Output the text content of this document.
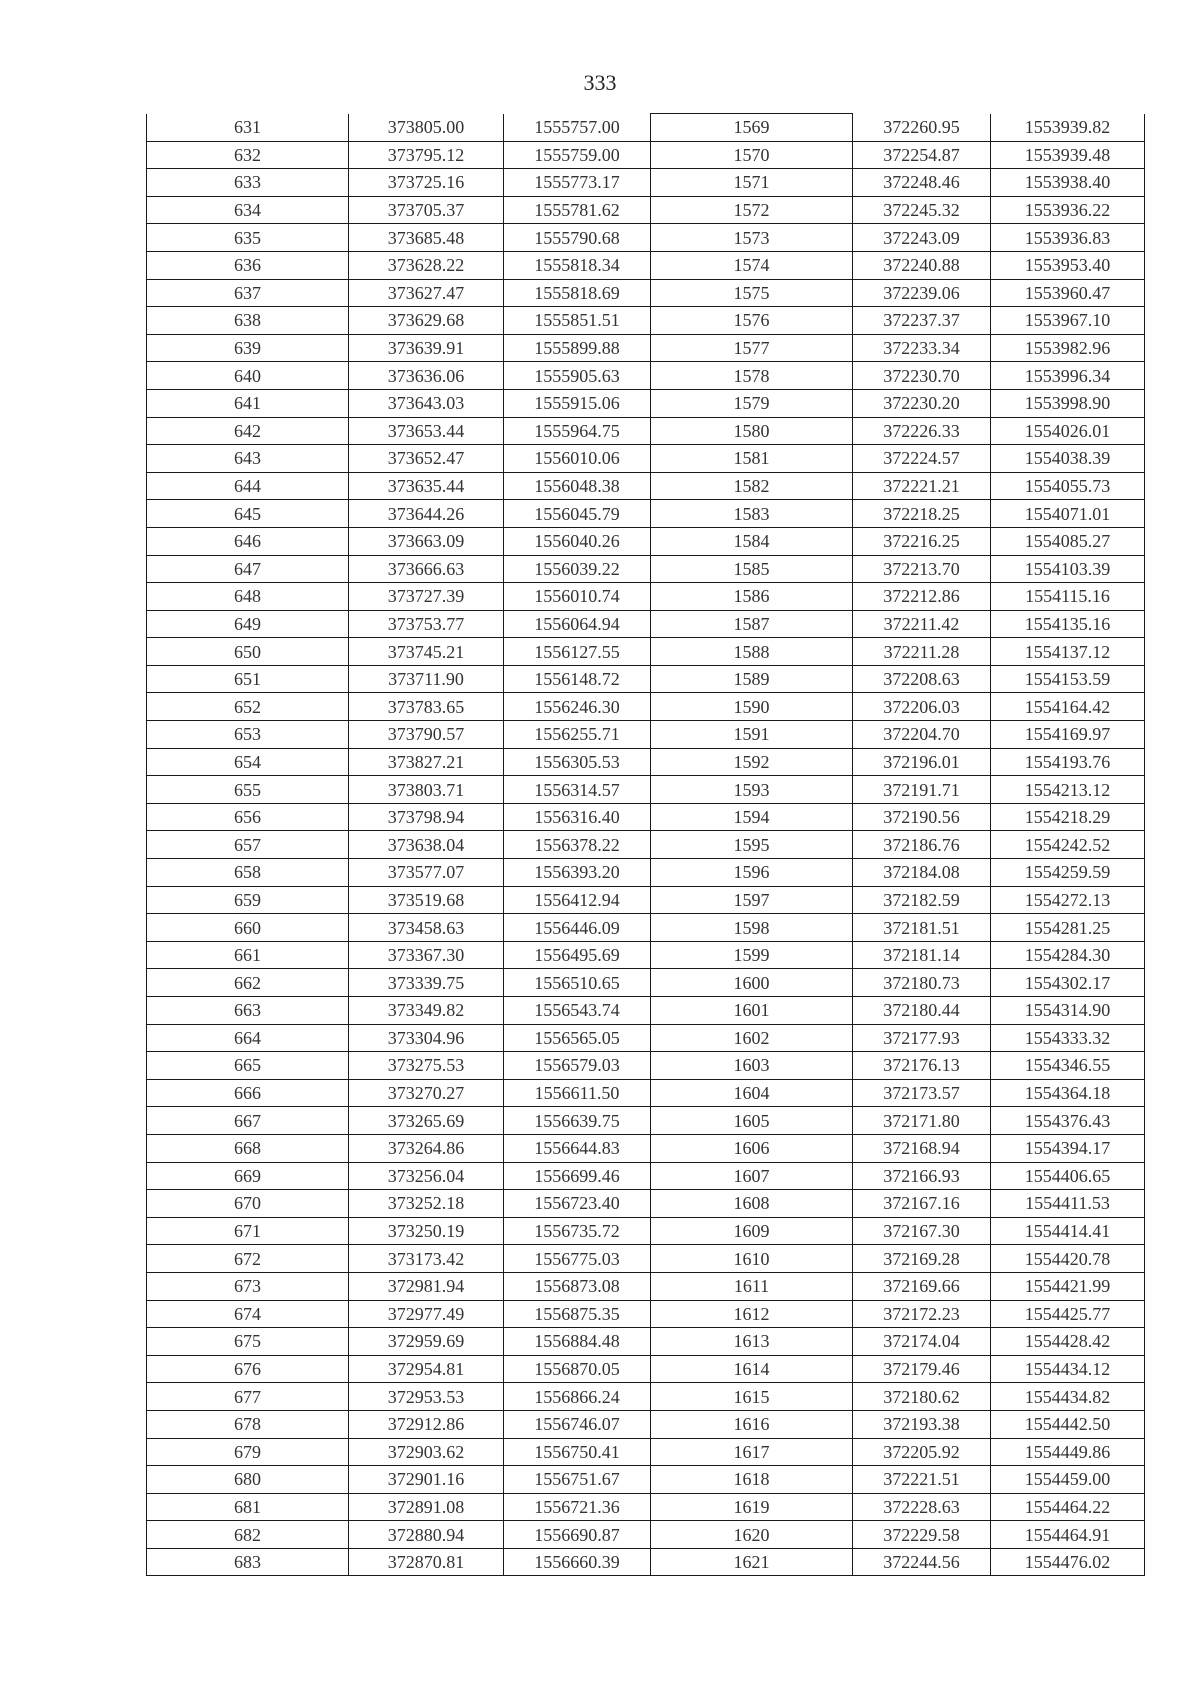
333
631	373805.00	1555757.00	1569	372260.95	1553939.82
632	373795.12	1555759.00	1570	372254.87	1553939.48
633	373725.16	1555773.17	1571	372248.46	1553938.40
634	373705.37	1555781.62	1572	372245.32	1553936.22
635	373685.48	1555790.68	1573	372243.09	1553936.83
636	373628.22	1555818.34	1574	372240.88	1553953.40
637	373627.47	1555818.69	1575	372239.06	1553960.47
638	373629.68	1555851.51	1576	372237.37	1553967.10
639	373639.91	1555899.88	1577	372233.34	1553982.96
640	373636.06	1555905.63	1578	372230.70	1553996.34
641	373643.03	1555915.06	1579	372230.20	1553998.90
642	373653.44	1555964.75	1580	372226.33	1554026.01
643	373652.47	1556010.06	1581	372224.57	1554038.39
644	373635.44	1556048.38	1582	372221.21	1554055.73
645	373644.26	1556045.79	1583	372218.25	1554071.01
646	373663.09	1556040.26	1584	372216.25	1554085.27
647	373666.63	1556039.22	1585	372213.70	1554103.39
648	373727.39	1556010.74	1586	372212.86	1554115.16
649	373753.77	1556064.94	1587	372211.42	1554135.16
650	373745.21	1556127.55	1588	372211.28	1554137.12
651	373711.90	1556148.72	1589	372208.63	1554153.59
652	373783.65	1556246.30	1590	372206.03	1554164.42
653	373790.57	1556255.71	1591	372204.70	1554169.97
654	373827.21	1556305.53	1592	372196.01	1554193.76
655	373803.71	1556314.57	1593	372191.71	1554213.12
656	373798.94	1556316.40	1594	372190.56	1554218.29
657	373638.04	1556378.22	1595	372186.76	1554242.52
658	373577.07	1556393.20	1596	372184.08	1554259.59
659	373519.68	1556412.94	1597	372182.59	1554272.13
660	373458.63	1556446.09	1598	372181.51	1554281.25
661	373367.30	1556495.69	1599	372181.14	1554284.30
662	373339.75	1556510.65	1600	372180.73	1554302.17
663	373349.82	1556543.74	1601	372180.44	1554314.90
664	373304.96	1556565.05	1602	372177.93	1554333.32
665	373275.53	1556579.03	1603	372176.13	1554346.55
666	373270.27	1556611.50	1604	372173.57	1554364.18
667	373265.69	1556639.75	1605	372171.80	1554376.43
668	373264.86	1556644.83	1606	372168.94	1554394.17
669	373256.04	1556699.46	1607	372166.93	1554406.65
670	373252.18	1556723.40	1608	372167.16	1554411.53
671	373250.19	1556735.72	1609	372167.30	1554414.41
672	373173.42	1556775.03	1610	372169.28	1554420.78
673	372981.94	1556873.08	1611	372169.66	1554421.99
674	372977.49	1556875.35	1612	372172.23	1554425.77
675	372959.69	1556884.48	1613	372174.04	1554428.42
676	372954.81	1556870.05	1614	372179.46	1554434.12
677	372953.53	1556866.24	1615	372180.62	1554434.82
678	372912.86	1556746.07	1616	372193.38	1554442.50
679	372903.62	1556750.41	1617	372205.92	1554449.86
680	372901.16	1556751.67	1618	372221.51	1554459.00
681	372891.08	1556721.36	1619	372228.63	1554464.22
682	372880.94	1556690.87	1620	372229.58	1554464.91
683	372870.81	1556660.39	1621	372244.56	1554476.02
